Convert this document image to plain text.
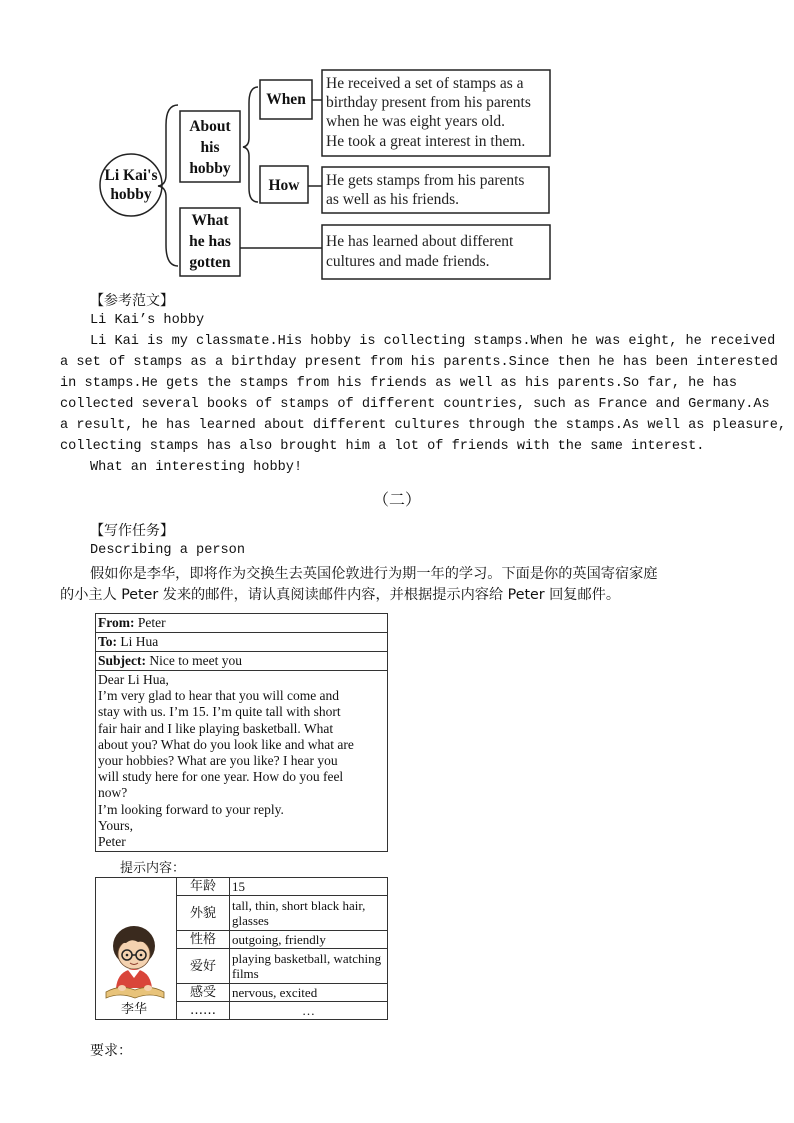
Li Kai's
hobby
About
his
hobby
What
he has
gotten
When
He received a set of stamps as a
birthday present from his parents
when he was eight years old.
He took a great interest in them.
How He gets stamps from his parents
as well as his friends.
He has learned about different
cultures and made friends.
【参考范文】
Li Kai’s hobby
Li Kai is my classmate.His hobby is collecting stamps.When he was eight, he received
a set of stamps as a birthday present from his parents.Since then he has been interested
in stamps.He gets the stamps from his friends as well as his parents.So far, he has
collected several books of stamps of different countries, such as France and Germany.As
a result, he has learned about different cultures through the stamps.As well as pleasure,
collecting stamps has also brought him a lot of friends with the same interest.
What an interesting hobby!
（二）
【写作任务】
Describing a person
假如你是李华，即将作为交换生去英国伦敦进行为期一年的学习。下面是你的英国寄宿家庭
的小主人 Peter 发来的邮件，请认真阅读邮件内容，并根据提示内容给 Peter 回复邮件。
From: Peter
To: Li Hua
Subject: Nice to meet you

Dear Li Hua,
I’m very glad to hear that you will come and
stay with us. I’m 15. I’m quite tall with short
fair hair and I like playing basketball. What
about you? What do you look like and what are
your hobbies? What are you like? I hear you
will study here for one year. How do you feel
now?
I’m looking forward to your reply.
Yours,
Peter
提示内容：
李华	年龄	15
	外貌	tall, thin, short black hair, glasses
	性格	outgoing, friendly
	爱好	playing basketball, watching films
	感受	nervous, excited
	……	…
要求：
